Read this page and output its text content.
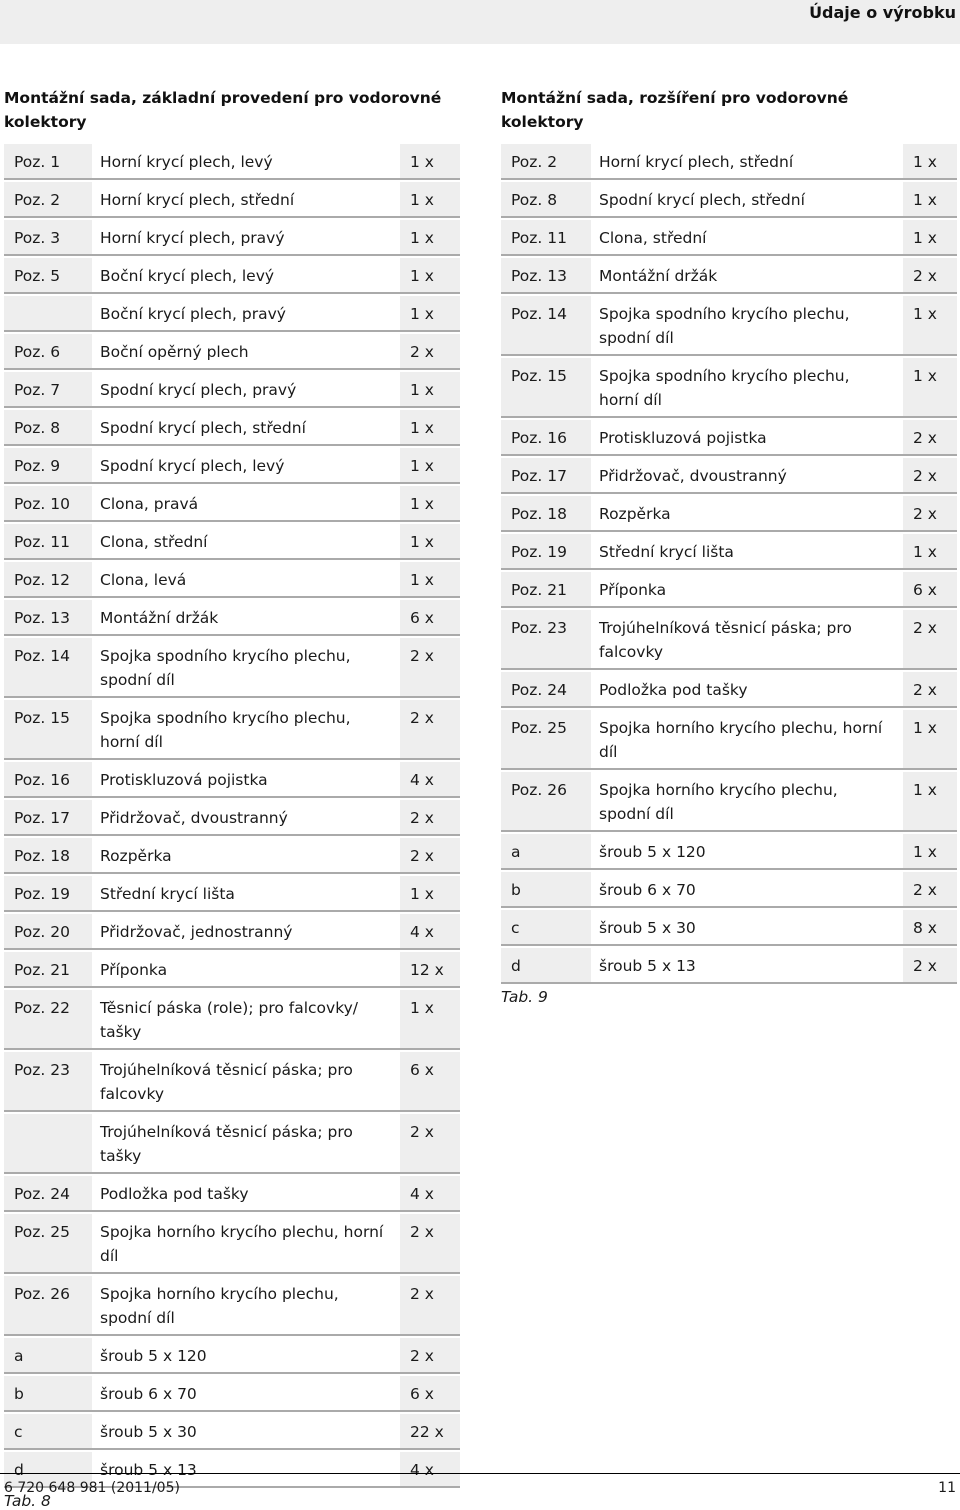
Údaje o výrobku
Montážní sada, základní provedení pro vodorovné
kolektory
Poz. 1	Horní krycí plech, levý	1 x
Poz. 2	Horní krycí plech, střední	1 x
Poz. 3	Horní krycí plech, pravý	1 x
Poz. 5	Boční krycí plech, levý	1 x
	Boční krycí plech, pravý	1 x
Poz. 6	Boční opěrný plech	2 x
Poz. 7	Spodní krycí plech, pravý	1 x
Poz. 8	Spodní krycí plech, střední	1 x
Poz. 9	Spodní krycí plech, levý	1 x
Poz. 10	Clona, pravá	1 x
Poz. 11	Clona, střední	1 x
Poz. 12	Clona, levá	1 x
Poz. 13	Montážní držák	6 x
Poz. 14	Spojka spodního krycího plechu, spodní díl	2 x
Poz. 15	Spojka spodního krycího plechu, horní díl	2 x
Poz. 16	Protiskluzová pojistka	4 x
Poz. 17	Přidržovač, dvoustranný	2 x
Poz. 18	Rozpěrka	2 x
Poz. 19	Střední krycí lišta	1 x
Poz. 20	Přidržovač, jednostranný	4 x
Poz. 21	Příponka	12 x
Poz. 22	Těsnicí páska (role); pro falcovky/ tašky	1 x
Poz. 23	Trojúhelníková těsnicí páska; pro falcovky	6 x
	Trojúhelníková těsnicí páska; pro tašky	2 x
Poz. 24	Podložka pod tašky	4 x
Poz. 25	Spojka horního krycího plechu, horní díl	2 x
Poz. 26	Spojka horního krycího plechu, spodní díl	2 x
a	šroub 5 x 120	2 x
b	šroub 6 x 70	6 x
c	šroub 5 x 30	22 x
d	šroub 5 x 13	4 x
Tab. 8
Montážní sada, rozšíření pro vodorovné
kolektory
Poz. 2	Horní krycí plech, střední	1 x
Poz. 8	Spodní krycí plech, střední	1 x
Poz. 11	Clona, střední	1 x
Poz. 13	Montážní držák	2 x
Poz. 14	Spojka spodního krycího plechu, spodní díl	1 x
Poz. 15	Spojka spodního krycího plechu, horní díl	1 x
Poz. 16	Protiskluzová pojistka	2 x
Poz. 17	Přidržovač, dvoustranný	2 x
Poz. 18	Rozpěrka	2 x
Poz. 19	Střední krycí lišta	1 x
Poz. 21	Příponka	6 x
Poz. 23	Trojúhelníková těsnicí páska; pro falcovky	2 x
Poz. 24	Podložka pod tašky	2 x
Poz. 25	Spojka horního krycího plechu, horní díl	1 x
Poz. 26	Spojka horního krycího plechu, spodní díl	1 x
a	šroub 5 x 120	1 x
b	šroub 6 x 70	2 x
c	šroub 5 x 30	8 x
d	šroub 5 x 13	2 x
Tab. 9
6 720 648 981 (2011/05)	11
